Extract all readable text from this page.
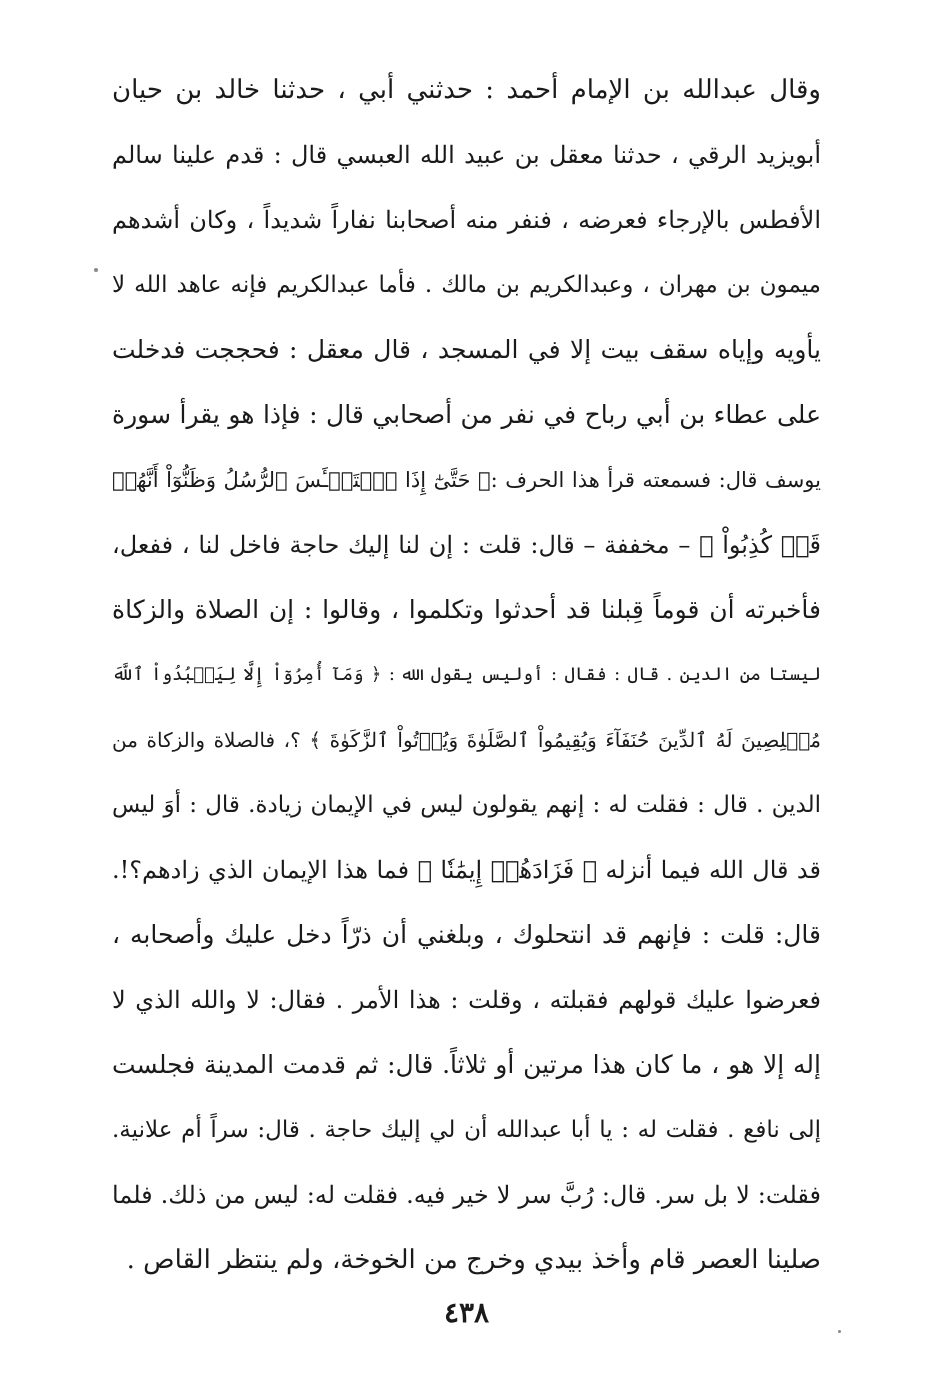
وقال عبدالله بن الإمام أحمد : حدثني أبي ، حدثنا خالد بن حيان
أبويزيد الرقي ، حدثنا معقل بن عبيد الله العبسي قال : قدم علينا سالم
الأفطس بالإرجاء فعرضه ، فنفر منه أصحابنا نفاراً شديداً ، وكان أشدهم
ميمون بن مهران ، وعبدالكريم بن مالك . فأما عبدالكريم فإنه عاهد الله لا
يأويه وإياه سقف بيت إلا في المسجد ، قال معقل : فحججت فدخلت
على عطاء بن أبي رباح في نفر من أصحابي قال : فإذا هو يقرأ سورة
يوسف قال: فسمعته قرأ هذا الحرف :﴿ حَتَّىٰٓ إِذَا ٱسۡتَيۡـَٔسَ ٱلرُّسُلُ وَظَنُّوٓاْ أَنَّهُمۡ
قَدۡ كُذِبُواْ ﴾ – مخففة – قال: قلت : إن لنا إليك حاجة فاخل لنا ، ففعل،
فأخبرته أن قوماً قِبلنا قد أحدثوا وتكلموا ، وقالوا : إن الصلاة والزكاة
ليستا من الدين . قال : فقال : أوليس يقول الله : ﴿ وَمَآ أُمِرُوٓاْ إِلَّا لِيَعۡبُدُواْ ٱللَّهَ
مُخۡلِصِينَ لَهُ ٱلدِّينَ حُنَفَآءَ وَيُقِيمُواْ ٱلصَّلَوٰةَ وَيُؤۡتُواْ ٱلزَّكَوٰةَ ﴾ ؟، فالصلاة والزكاة من
الدين . قال : فقلت له : إنهم يقولون ليس في الإيمان زيادة. قال : أوَ ليس
قد قال الله فيما أنزله ﴿ فَزَادَهُمۡ إِيمَٰنٗا ﴾ فما هذا الإيمان الذي زادهم؟!.
قال: قلت : فإنهم قد انتحلوك ، وبلغني أن ذرّاً دخل عليك وأصحابه ،
فعرضوا عليك قولهم فقبلته ، وقلت : هذا الأمر . فقال: لا والله الذي لا
إله إلا هو ، ما كان هذا مرتين أو ثلاثاً. قال: ثم قدمت المدينة فجلست
إلى نافع . فقلت له : يا أبا عبدالله أن لي إليك حاجة . قال: سراً أم علانية.
فقلت: لا بل سر. قال: رُبَّ سر لا خير فيه. فقلت له: ليس من ذلك. فلما
صلينا العصر قام وأخذ بيدي وخرج من الخوخة، ولم ينتظر القاص .
٤٣٨
